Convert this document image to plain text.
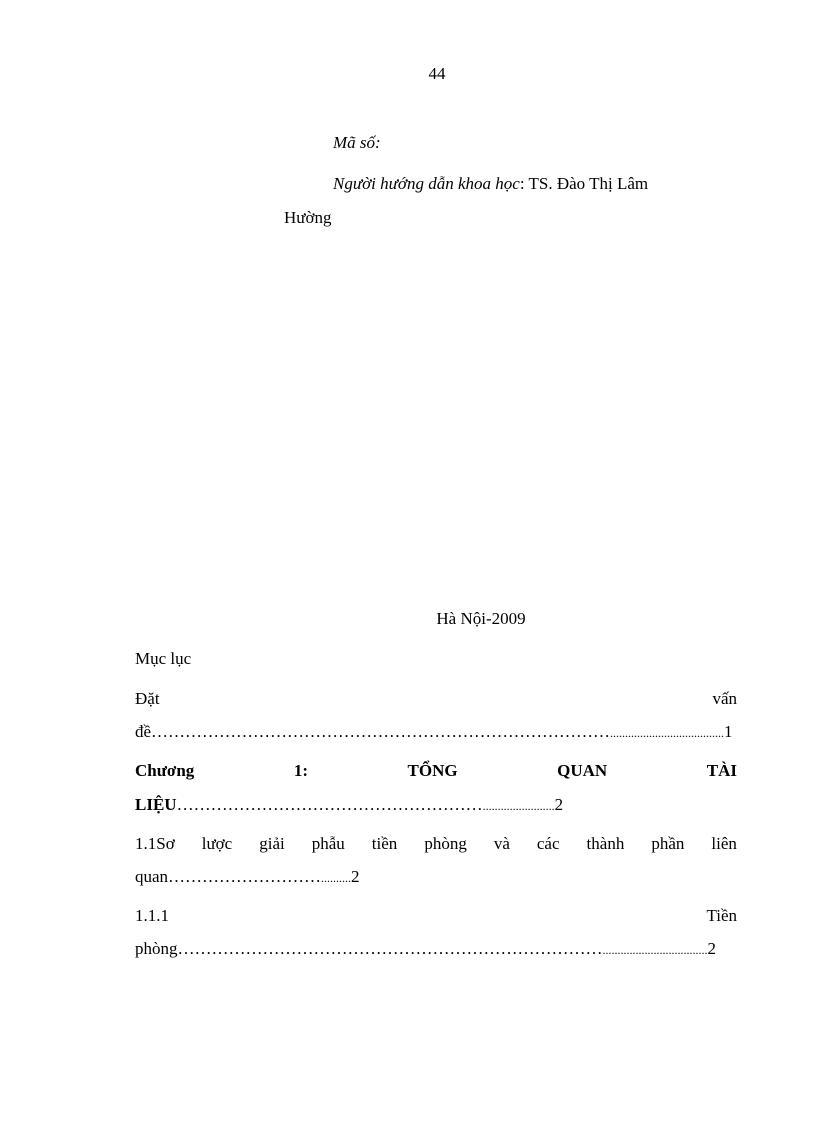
44
Mã số:
Người hướng dẫn khoa học: TS. Đào Thị Lâm
Hường
Hà Nội-2009
Mục lục
Đặt	vấn
đề………………………………………………………………………......................................1
Chương	1:	TỔNG	QUAN	TÀI
LIỆU………………………………………………........................2
1.1Sơ lược giải phẫu tiền phòng và các thành phần liên
quan………………………..........2
1.1.1	Tiền
phòng…………………………………………………………………...................................2
